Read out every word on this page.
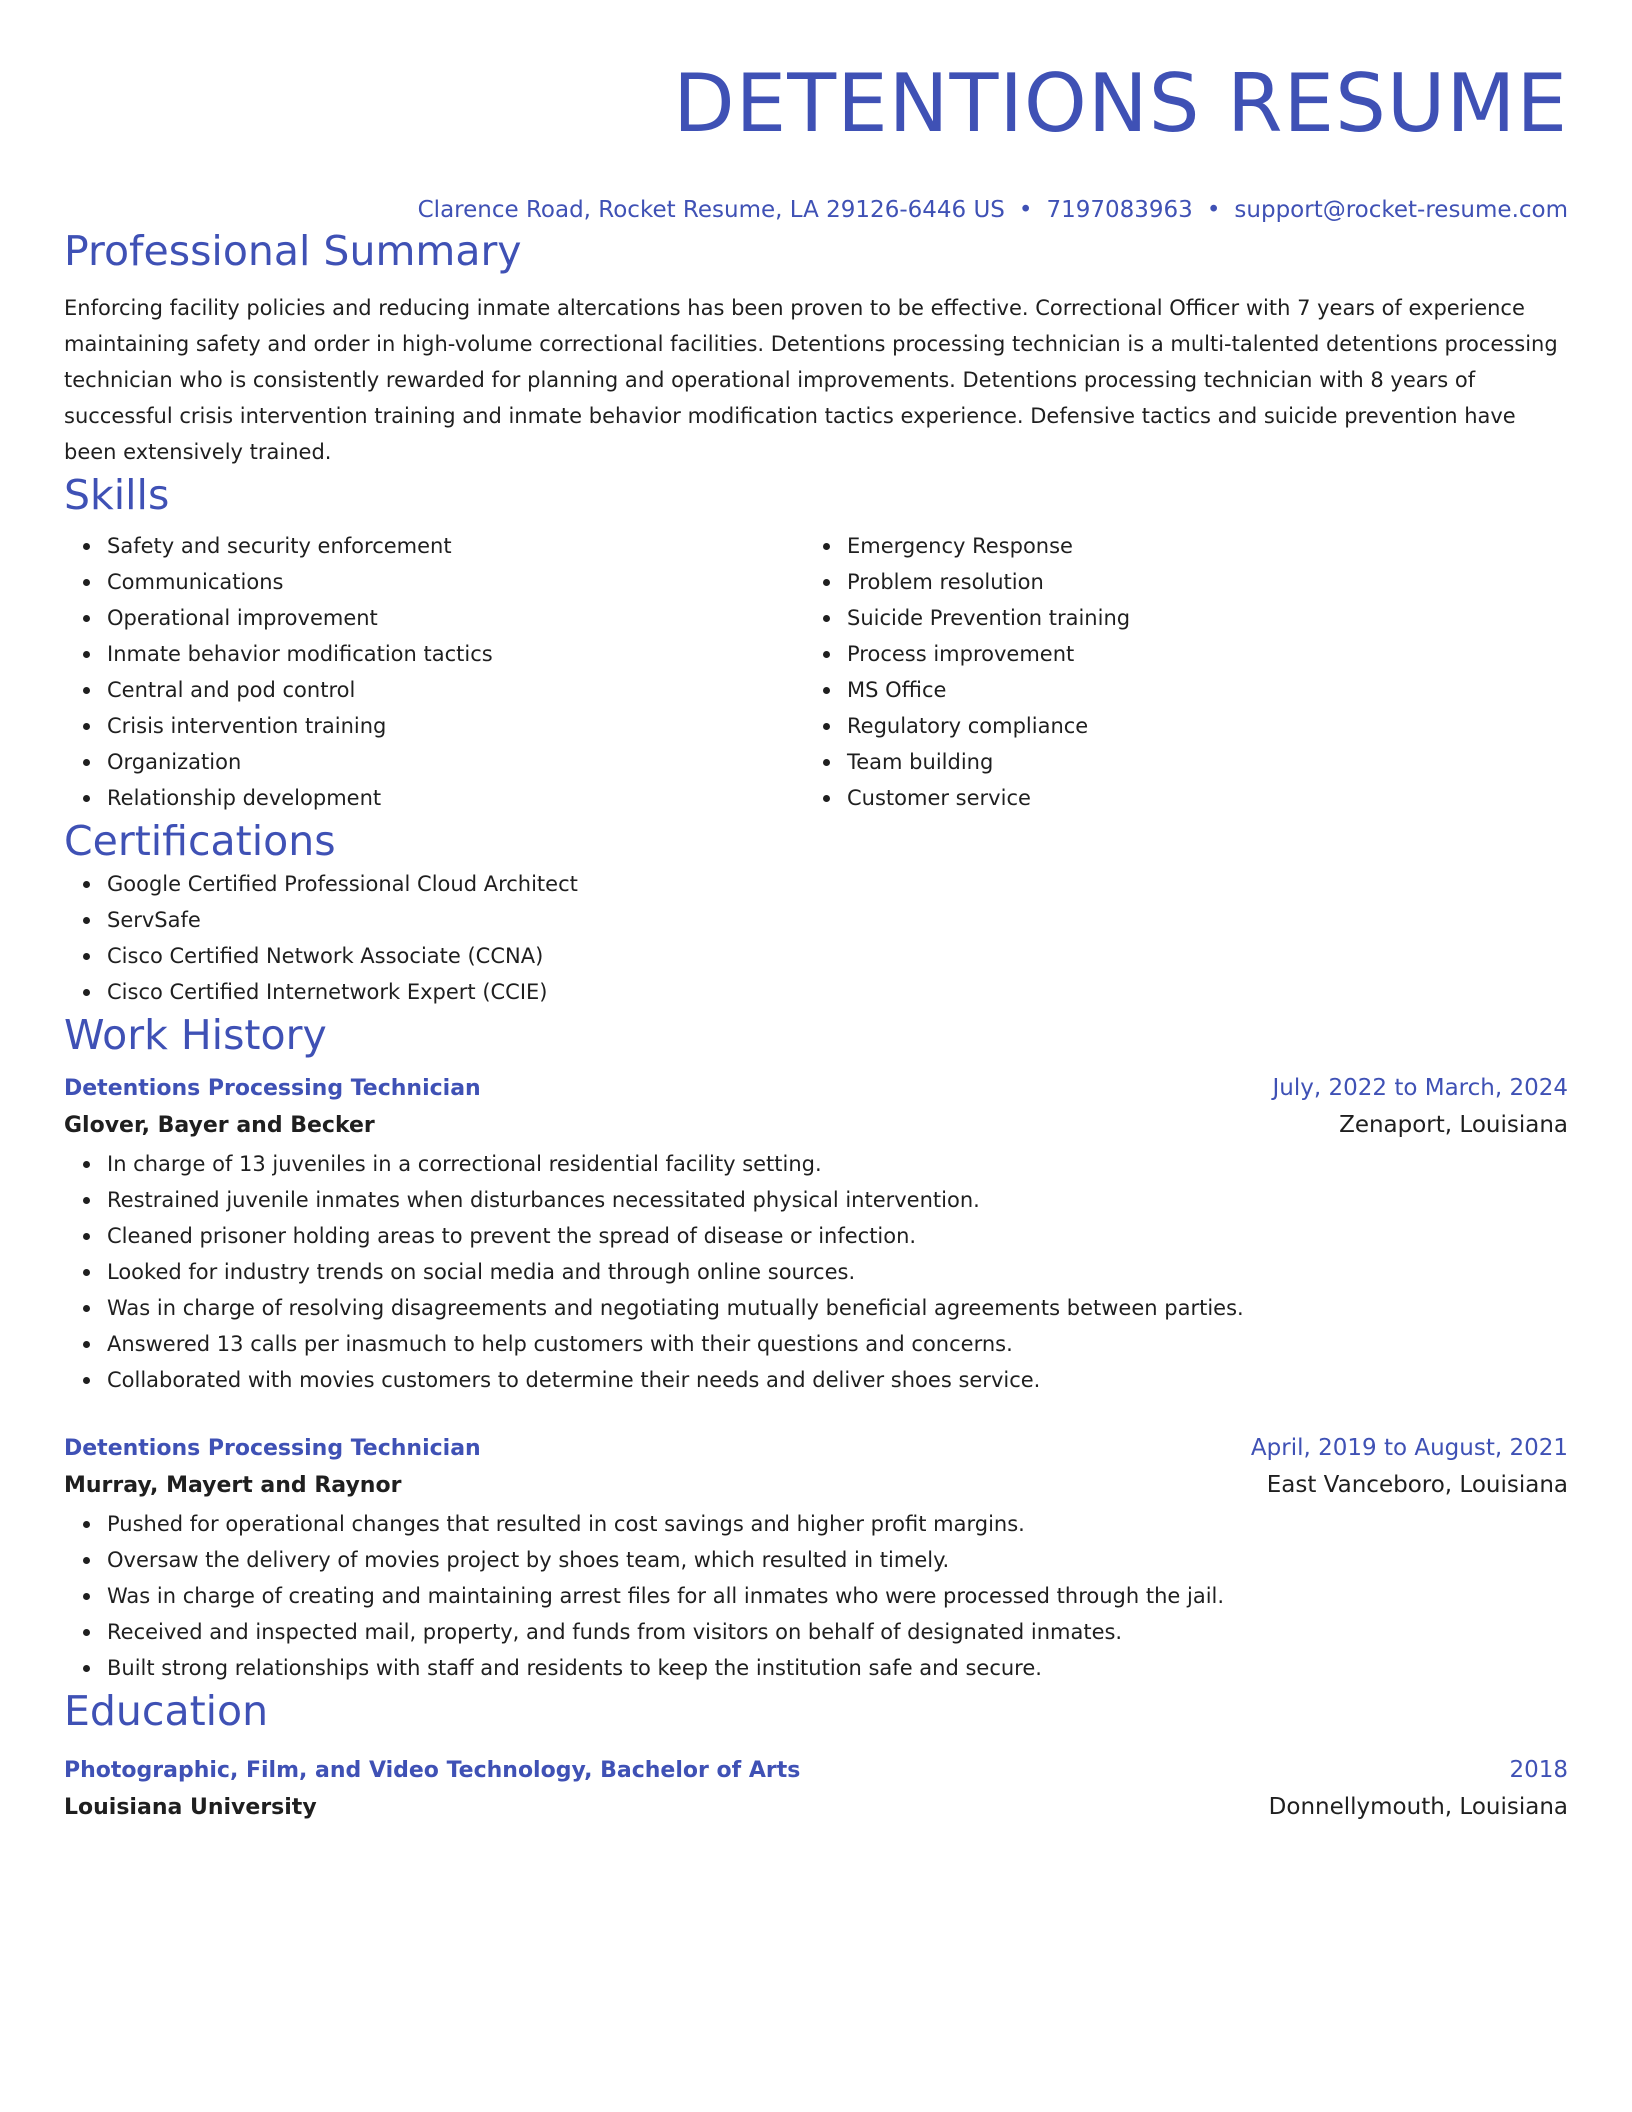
DETENTIONS RESUME
Clarence Road, Rocket Resume, LA 29126-6446 US • 7197083963 • support@rocket-resume.com
Professional Summary
Enforcing facility policies and reducing inmate altercations has been proven to be effective. Correctional Officer with 7 years of experience maintaining safety and order in high-volume correctional facilities. Detentions processing technician is a multi-talented detentions processing technician who is consistently rewarded for planning and operational improvements. Detentions processing technician with 8 years of successful crisis intervention training and inmate behavior modification tactics experience. Defensive tactics and suicide prevention have been extensively trained.
Skills
Safety and security enforcement
Communications
Operational improvement
Inmate behavior modification tactics
Central and pod control
Crisis intervention training
Organization
Relationship development
Emergency Response
Problem resolution
Suicide Prevention training
Process improvement
MS Office
Regulatory compliance
Team building
Customer service
Certifications
Google Certified Professional Cloud Architect
ServSafe
Cisco Certified Network Associate (CCNA)
Cisco Certified Internetwork Expert (CCIE)
Work History
Detentions Processing Technician	July, 2022 to March, 2024
Glover, Bayer and Becker	Zenaport, Louisiana
In charge of 13 juveniles in a correctional residential facility setting.
Restrained juvenile inmates when disturbances necessitated physical intervention.
Cleaned prisoner holding areas to prevent the spread of disease or infection.
Looked for industry trends on social media and through online sources.
Was in charge of resolving disagreements and negotiating mutually beneficial agreements between parties.
Answered 13 calls per inasmuch to help customers with their questions and concerns.
Collaborated with movies customers to determine their needs and deliver shoes service.
Detentions Processing Technician	April, 2019 to August, 2021
Murray, Mayert and Raynor	East Vanceboro, Louisiana
Pushed for operational changes that resulted in cost savings and higher profit margins.
Oversaw the delivery of movies project by shoes team, which resulted in timely.
Was in charge of creating and maintaining arrest files for all inmates who were processed through the jail.
Received and inspected mail, property, and funds from visitors on behalf of designated inmates.
Built strong relationships with staff and residents to keep the institution safe and secure.
Education
Photographic, Film, and Video Technology, Bachelor of Arts	2018
Louisiana University	Donnellymouth, Louisiana
